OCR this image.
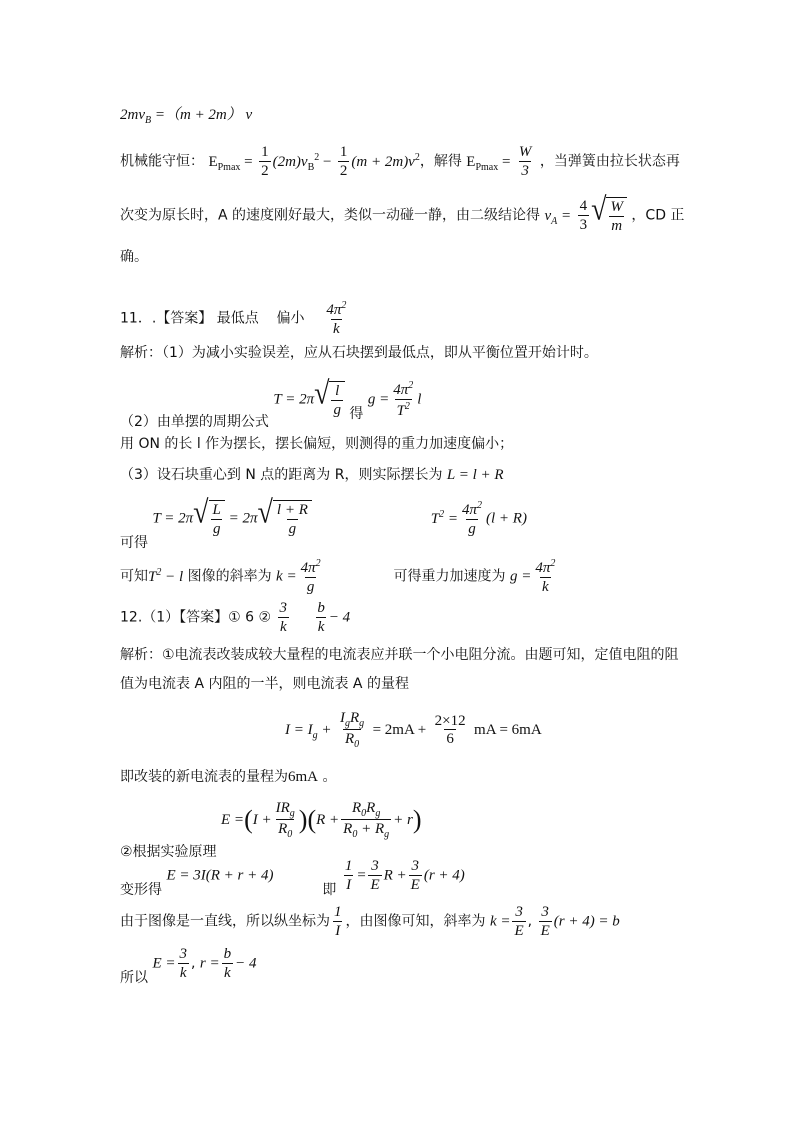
$2mv_B =(m + 2m)$ v
机械能守恒： $E_{Pmax} = \frac{1}{2} (2m)v_B^2 - \frac{1}{2} (m + 2m)v^2$，解得 $E_{Pmax} = \frac{W}{3}$ ，当弹簧由拉长状态再
次变为原长时，A 的速度刚好最大，类似一动碰一静，由二级结论得 $v_A = \frac{4}{3}$ √ $\frac{W}{m}$ ，CD 正
确。
11．.【答案】 最低点 偏小 $\frac{4\pi^2}{k}$
解析：（1）为减小实验误差，应从石块摆到最低点，即从平衡位置开始计时。
（2）由单摆的周期公式 T = 2π √ $\frac{l}{g}$ 得 $g = \frac{4\pi^2}{T^2}$ l
用 ON 的长 l 作为摆长，摆长偏短，则测得的重力加速度偏小；
（3）设石块重心到 N 点的距离为 R，则实际摆长为 L = l + R
可得 T = 2π √ $\frac{L}{g} = 2\pi$ √ $\frac{l + R}{g}$	$T^2 = \frac{4\pi^2}{g} (l + R)$
可知$T^2 - l$ 图像的斜率为 $k = \frac{4\pi^2}{g}$	可得重力加速度为 $g = \frac{4\pi^2}{k}$
12.（1）【答案】① 6 ② $\frac{3}{k}$
$\frac{b}{k} - 4$
解析：①电流表改装成较大量程的电流表应并联一个小电阻分流。由题可知，定值电阻的阻
值为电流表 A 内阻的一半，则电流表 A 的量程
$I = I_g + \frac{I_gR_g}{R_0} = 2mA + \frac{2\times 12}{6}$ mA = 6mA
即改装的新电流表的量程为6mA 。
②根据实验原理 $E =(I + \frac{IR_g}{R_0} )(R + \frac{R_0R_g}{R_0 + R_g} + r)$
变形得 E = 3I(R + r + 4)  即 $\frac{1}{I} = \frac{3}{E}$ $R + \frac{3}{E} (r + 4)$
由于图像是一直线，所以纵坐标为 $\frac{1}{I}$ ，由图像可知，斜率为 $k = \frac{3}{E}$ , $\frac{3}{E} (r + 4) = b$
所以 $E = \frac{3}{k}$ , $r = \frac{b}{k} - 4$
